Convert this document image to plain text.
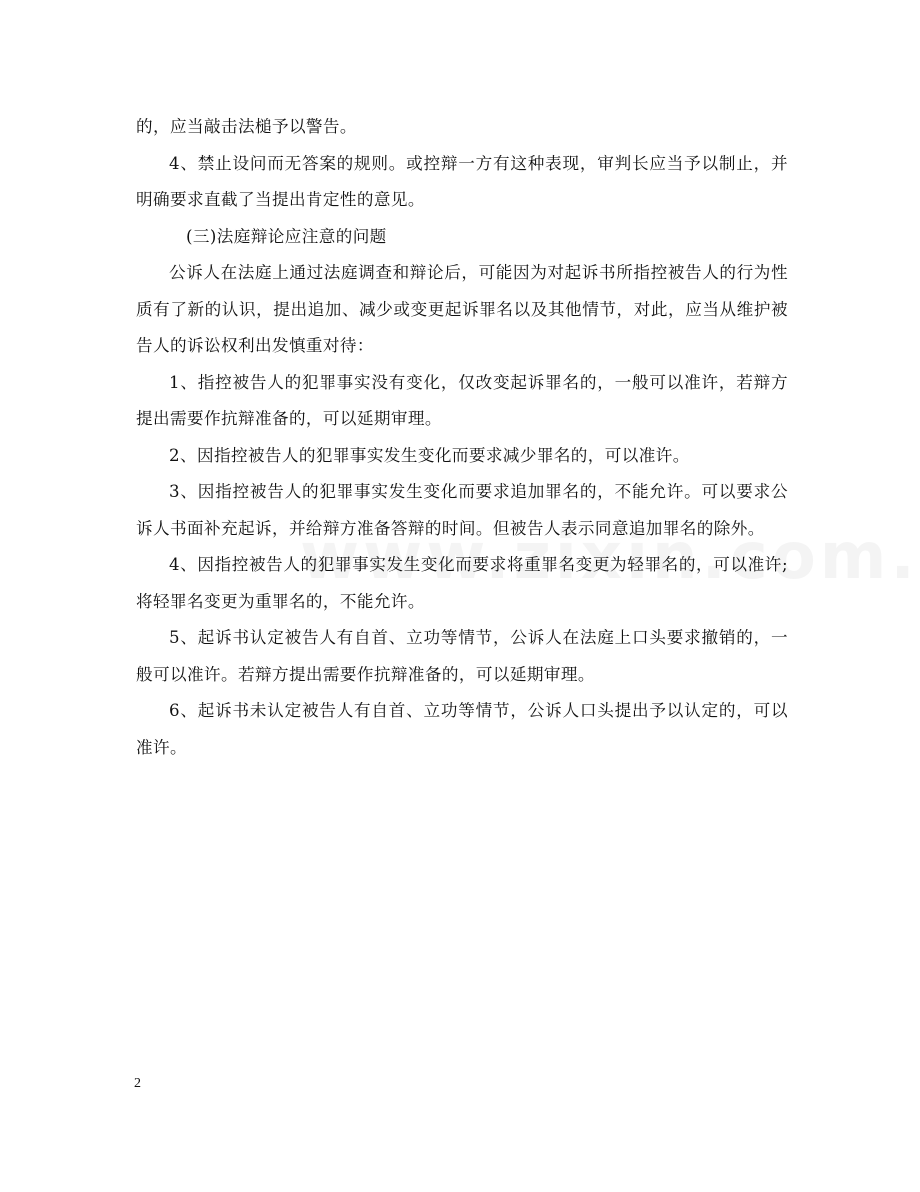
的，应当敲击法槌予以警告。

4、禁止设问而无答案的规则。或控辩一方有这种表现，审判长应当予以制止，并明确要求直截了当提出肯定性的意见。

(三)法庭辩论应注意的问题

公诉人在法庭上通过法庭调查和辩论后，可能因为对起诉书所指控被告人的行为性质有了新的认识，提出追加、减少或变更起诉罪名以及其他情节，对此，应当从维护被告人的诉讼权利出发慎重对待：

1、指控被告人的犯罪事实没有变化，仅改变起诉罪名的，一般可以准许，若辩方提出需要作抗辩准备的，可以延期审理。

2、因指控被告人的犯罪事实发生变化而要求减少罪名的，可以准许。

3、因指控被告人的犯罪事实发生变化而要求追加罪名的，不能允许。可以要求公诉人书面补充起诉，并给辩方准备答辩的时间。但被告人表示同意追加罪名的除外。

4、因指控被告人的犯罪事实发生变化而要求将重罪名变更为轻罪名的，可以准许;将轻罪名变更为重罪名的，不能允许。

5、起诉书认定被告人有自首、立功等情节，公诉人在法庭上口头要求撤销的，一般可以准许。若辩方提出需要作抗辩准备的，可以延期审理。

6、起诉书未认定被告人有自首、立功等情节，公诉人口头提出予以认定的，可以准许。

2
